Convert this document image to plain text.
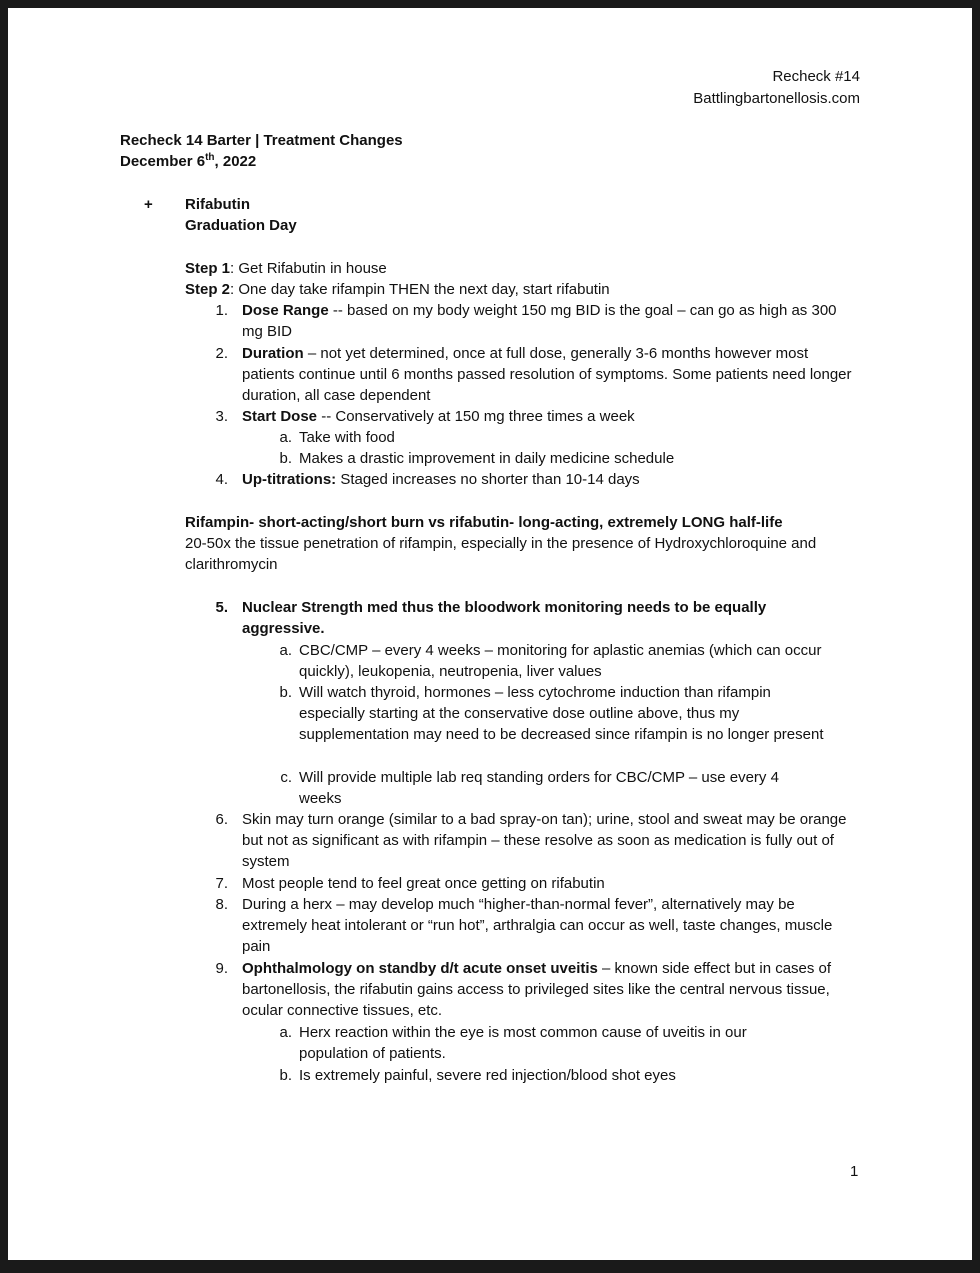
Recheck #14
Battlingbartonellosis.com
Recheck 14 Barter | Treatment Changes
December 6th, 2022
+ Rifabutin
Graduation Day
Step 1: Get Rifabutin in house
Step 2: One day take rifampin THEN the next day, start rifabutin
1. Dose Range -- based on my body weight 150 mg BID is the goal – can go as high as 300 mg BID
2. Duration – not yet determined, once at full dose, generally 3-6 months however most patients continue until 6 months passed resolution of symptoms. Some patients need longer duration, all case dependent
3. Start Dose -- Conservatively at 150 mg three times a week
a. Take with food
b. Makes a drastic improvement in daily medicine schedule
4. Up-titrations: Staged increases no shorter than 10-14 days
Rifampin- short-acting/short burn vs rifabutin- long-acting, extremely LONG half-life
20-50x the tissue penetration of rifampin, especially in the presence of Hydroxychloroquine and clarithromycin
5. Nuclear Strength med thus the bloodwork monitoring needs to be equally aggressive.
a. CBC/CMP – every 4 weeks – monitoring for aplastic anemias (which can occur quickly), leukopenia, neutropenia, liver values
b. Will watch thyroid, hormones – less cytochrome induction than rifampin especially starting at the conservative dose outline above, thus my supplementation may need to be decreased since rifampin is no longer present
c. Will provide multiple lab req standing orders for CBC/CMP – use every 4 weeks
6. Skin may turn orange (similar to a bad spray-on tan); urine, stool and sweat may be orange but not as significant as with rifampin – these resolve as soon as medication is fully out of system
7. Most people tend to feel great once getting on rifabutin
8. During a herx – may develop much “higher-than-normal fever”, alternatively may be extremely heat intolerant or “run hot”, arthralgia can occur as well, taste changes, muscle pain
9. Ophthalmology on standby d/t acute onset uveitis – known side effect but in cases of bartonellosis, the rifabutin gains access to privileged sites like the central nervous tissue, ocular connective tissues, etc.
a. Herx reaction within the eye is most common cause of uveitis in our population of patients.
b. Is extremely painful, severe red injection/blood shot eyes
1
